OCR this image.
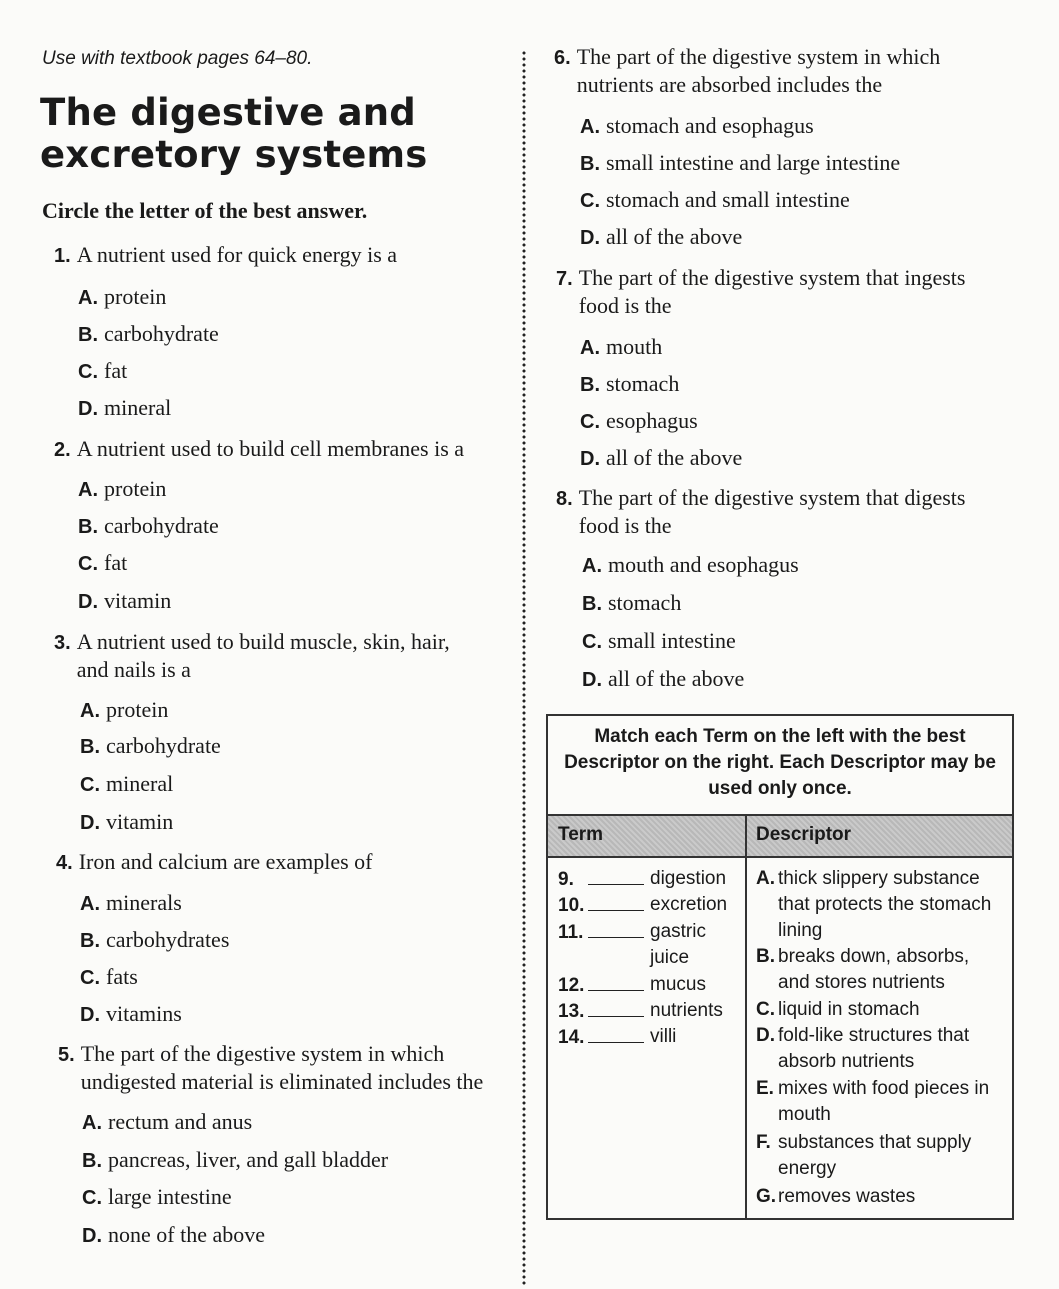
Use with textbook pages 64–80.
The digestive and
excretory systems
Circle the letter of the best answer.
1. A nutrient used for quick energy is a
A. protein
B. carbohydrate
C. fat
D. mineral
2. A nutrient used to build cell membranes is a
A. protein
B. carbohydrate
C. fat
D. vitamin
3. A nutrient used to build muscle, skin, hair,
and nails is a
A. protein
B. carbohydrate
C. mineral
D. vitamin
4. Iron and calcium are examples of
A. minerals
B. carbohydrates
C. fats
D. vitamins
5. The part of the digestive system in which
undigested material is eliminated includes the
A. rectum and anus
B. pancreas, liver, and gall bladder
C. large intestine
D. none of the above
6. The part of the digestive system in which
nutrients are absorbed includes the
A. stomach and esophagus
B. small intestine and large intestine
C. stomach and small intestine
D. all of the above
7. The part of the digestive system that ingests
food is the
A. mouth
B. stomach
C. esophagus
D. all of the above
8. The part of the digestive system that digests
food is the
A. mouth and esophagus
B. stomach
C. small intestine
D. all of the above
Match each Term on the left with the best
Descriptor on the right. Each Descriptor may be
used only once.
Term	Descriptor
9.	digestion
10.	excretion
11.	gastric juice
12.	mucus
13.	nutrients
14.	villi
A. thick slippery substance that protects the stomach lining
B. breaks down, absorbs, and stores nutrients
C. liquid in stomach
D. fold-like structures that absorb nutrients
E. mixes with food pieces in mouth
F. substances that supply energy
G. removes wastes
